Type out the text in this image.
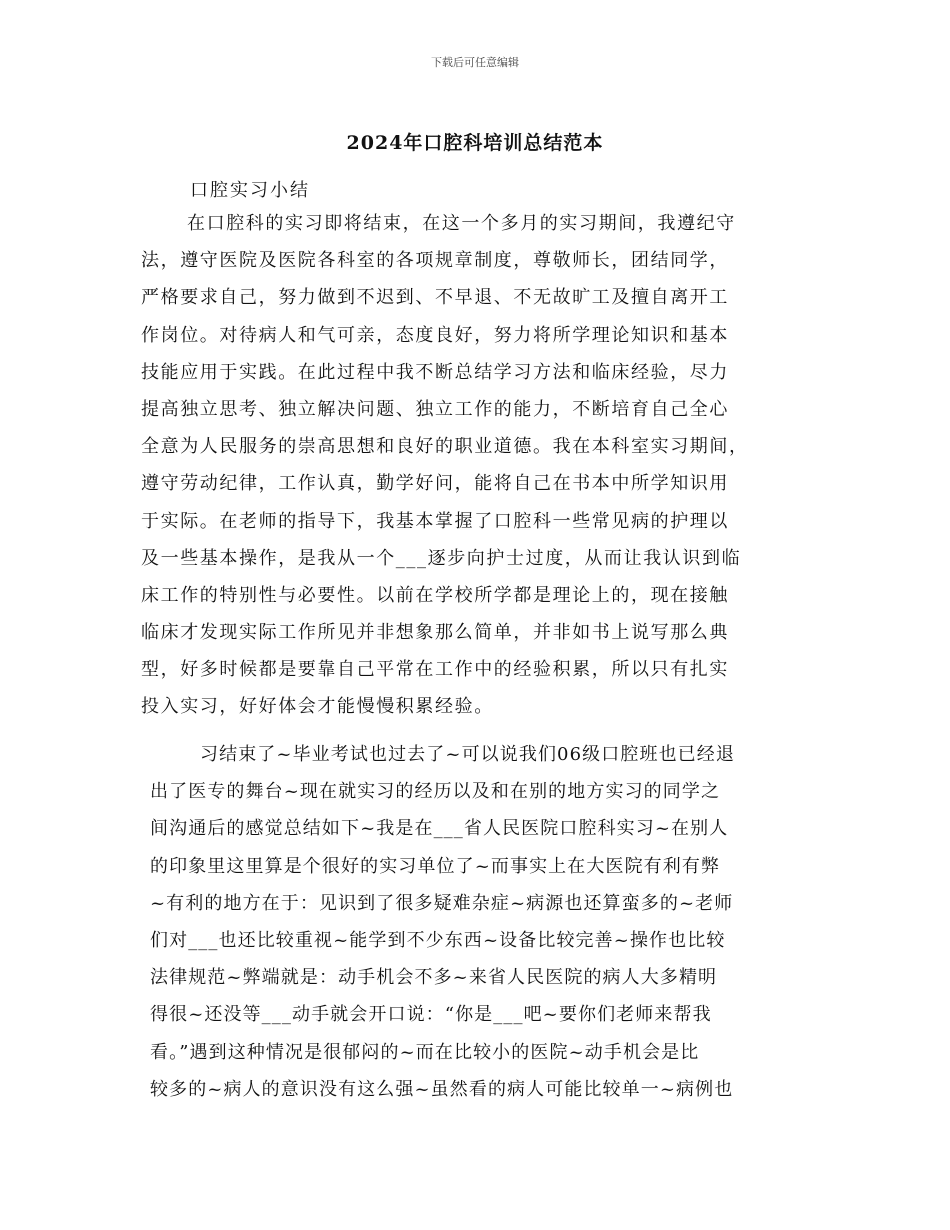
下载后可任意编辑
2024年口腔科培训总结范本
口腔实习小结
在口腔科的实习即将结束，在这一个多月的实习期间，我遵纪守
法，遵守医院及医院各科室的各项规章制度，尊敬师长，团结同学，
严格要求自己，努力做到不迟到、不早退、不无故旷工及擅自离开工
作岗位。对待病人和气可亲，态度良好，努力将所学理论知识和基本
技能应用于实践。在此过程中我不断总结学习方法和临床经验，尽力
提高独立思考、独立解决问题、独立工作的能力，不断培育自己全心
全意为人民服务的崇高思想和良好的职业道德。我在本科室实习期间，
遵守劳动纪律，工作认真，勤学好问，能将自己在书本中所学知识用
于实际。在老师的指导下，我基本掌握了口腔科一些常见病的护理以
及一些基本操作，是我从一个___逐步向护士过度，从而让我认识到临
床工作的特别性与必要性。以前在学校所学都是理论上的，现在接触
临床才发现实际工作所见并非想象那么简单，并非如书上说写那么典
型，好多时候都是要靠自己平常在工作中的经验积累，所以只有扎实
投入实习，好好体会才能慢慢积累经验。
习结束了~毕业考试也过去了~可以说我们06级口腔班也已经退
出了医专的舞台~现在就实习的经历以及和在别的地方实习的同学之
间沟通后的感觉总结如下~我是在___省人民医院口腔科实习~在别人
的印象里这里算是个很好的实习单位了~而事实上在大医院有利有弊
~有利的地方在于：见识到了很多疑难杂症~病源也还算蛮多的~老师
们对___也还比较重视~能学到不少东西~设备比较完善~操作也比较
法律规范~弊端就是：动手机会不多~来省人民医院的病人大多精明
得很~还没等___动手就会开口说：“你是___吧~要你们老师来帮我
看。”遇到这种情况是很郁闷的~而在比较小的医院~动手机会是比
较多的~病人的意识没有这么强~虽然看的病人可能比较单一~病例也
